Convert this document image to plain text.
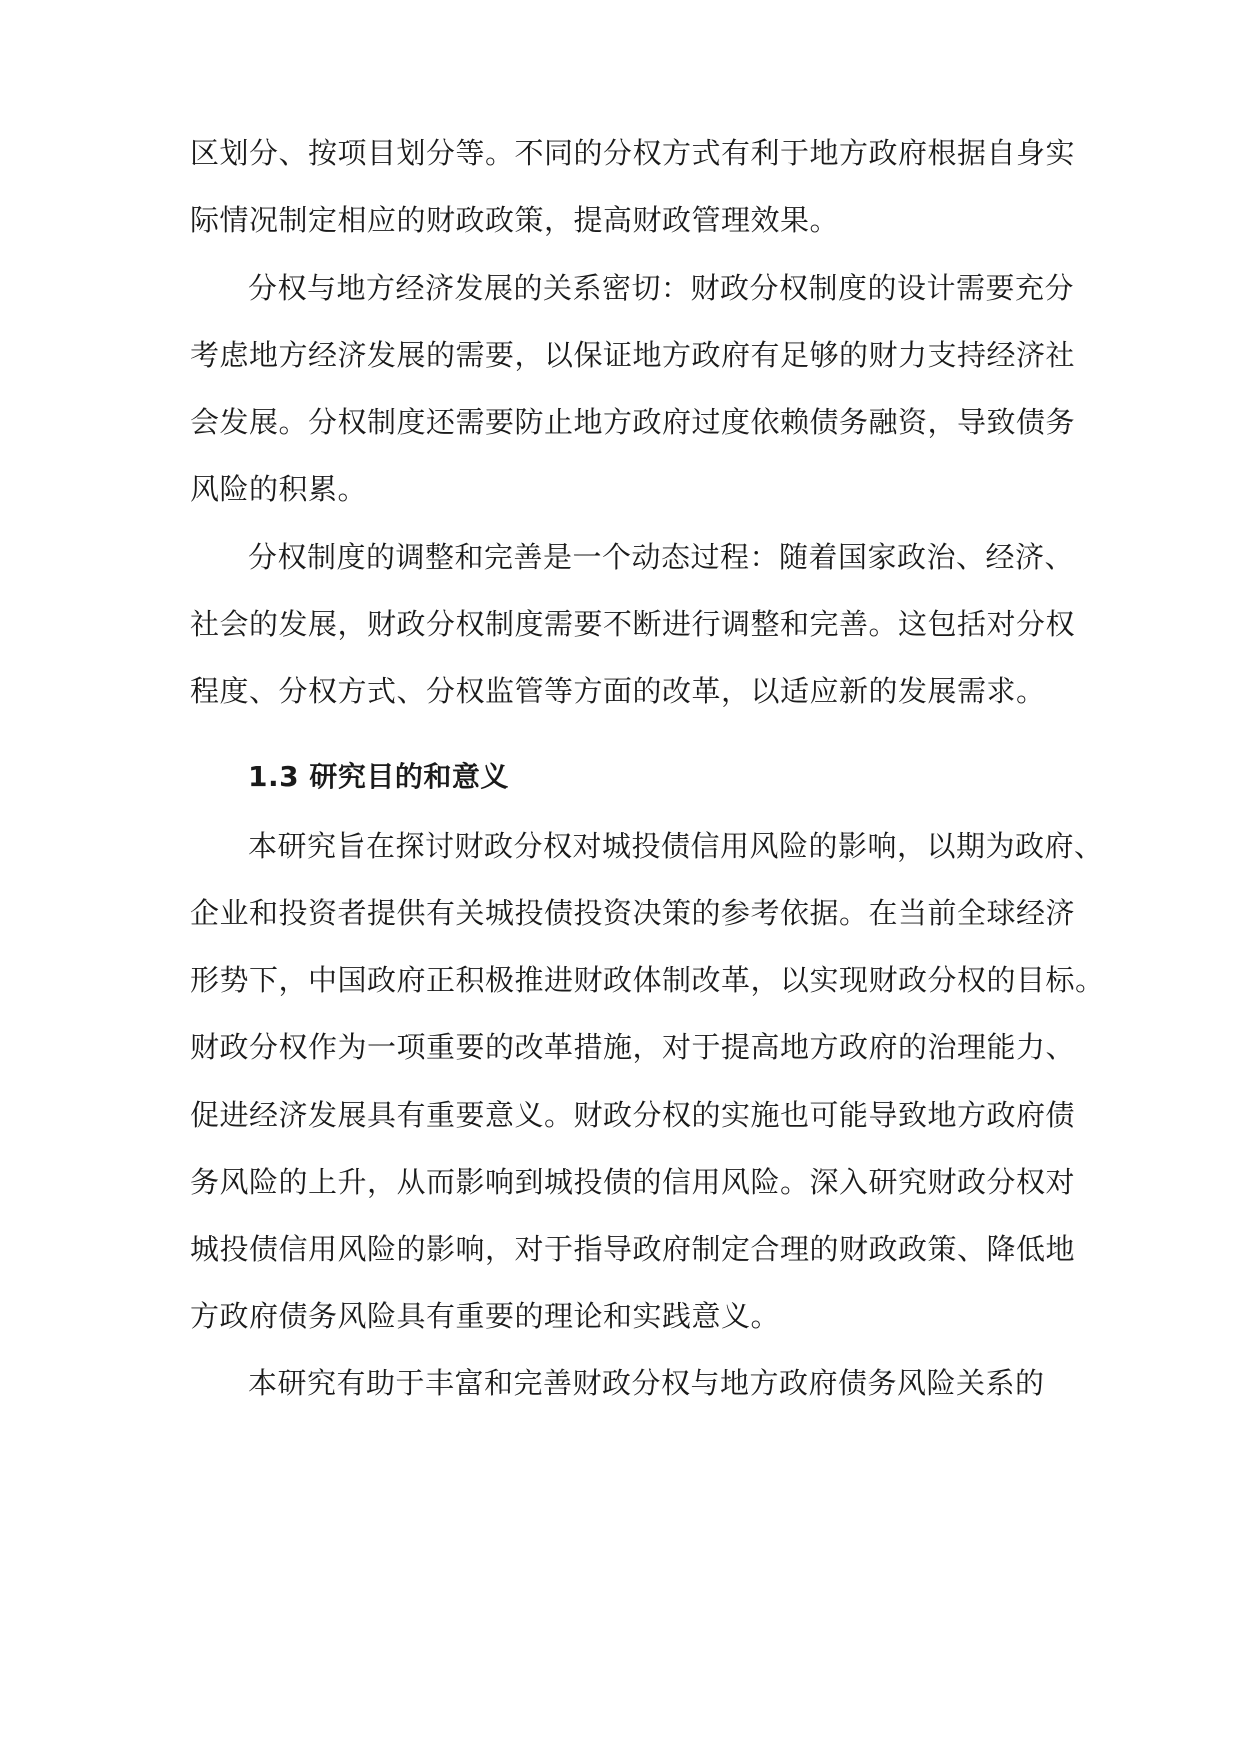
区划分、按项目划分等。不同的分权方式有利于地方政府根据自身实
际情况制定相应的财政政策，提高财政管理效果。
分权与地方经济发展的关系密切：财政分权制度的设计需要充分
考虑地方经济发展的需要，以保证地方政府有足够的财力支持经济社
会发展。分权制度还需要防止地方政府过度依赖债务融资，导致债务
风险的积累。
分权制度的调整和完善是一个动态过程：随着国家政治、经济、
社会的发展，财政分权制度需要不断进行调整和完善。这包括对分权
程度、分权方式、分权监管等方面的改革，以适应新的发展需求。
1.3 研究目的和意义
本研究旨在探讨财政分权对城投债信用风险的影响，以期为政府、
企业和投资者提供有关城投债投资决策的参考依据。在当前全球经济
形势下，中国政府正积极推进财政体制改革，以实现财政分权的目标。
财政分权作为一项重要的改革措施，对于提高地方政府的治理能力、
促进经济发展具有重要意义。财政分权的实施也可能导致地方政府债
务风险的上升，从而影响到城投债的信用风险。深入研究财政分权对
城投债信用风险的影响，对于指导政府制定合理的财政政策、降低地
方政府债务风险具有重要的理论和实践意义。
本研究有助于丰富和完善财政分权与地方政府债务风险关系的
